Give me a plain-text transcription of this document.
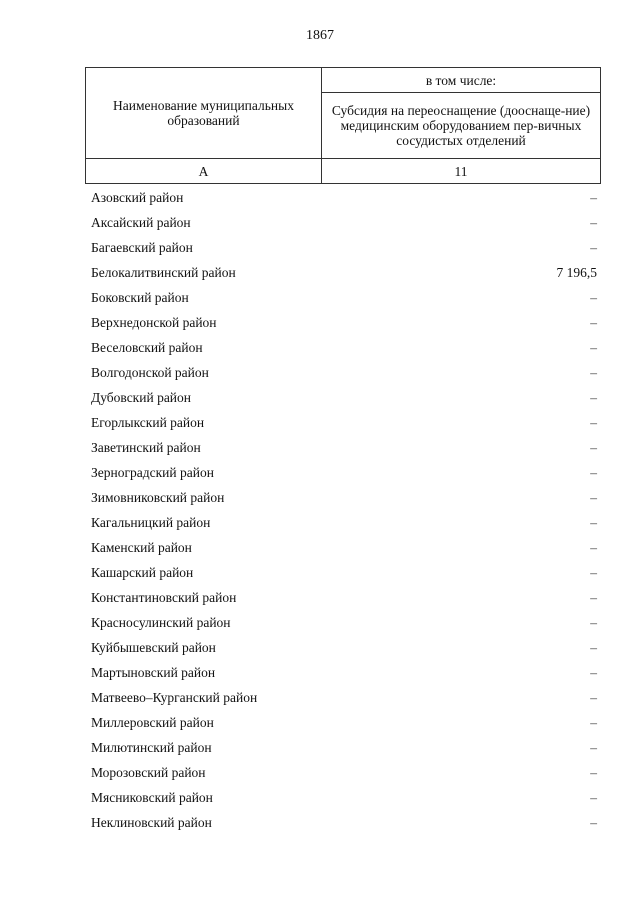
1867
Наименование муниципальных образований	в том числе:
	Субсидия на переоснащение (дооснаще-ние) медицинским оборудованием пер-вичных сосудистых отделений
А	11
Азовский район	–
Аксайский район	–
Багаевский район	–
Белокалитвинский район	7 196,5
Боковский район	–
Верхнедонской район	–
Веселовский район	–
Волгодонской район	–
Дубовский район	–
Егорлыкский район	–
Заветинский район	–
Зерноградский район	–
Зимовниковский район	–
Кагальницкий район	–
Каменский район	–
Кашарский район	–
Константиновский район	–
Красносулинский район	–
Куйбышевский район	–
Мартыновский район	–
Матвеево–Курганский район	–
Миллеровский район	–
Милютинский район	–
Морозовский район	–
Мясниковский район	–
Неклиновский район	–
